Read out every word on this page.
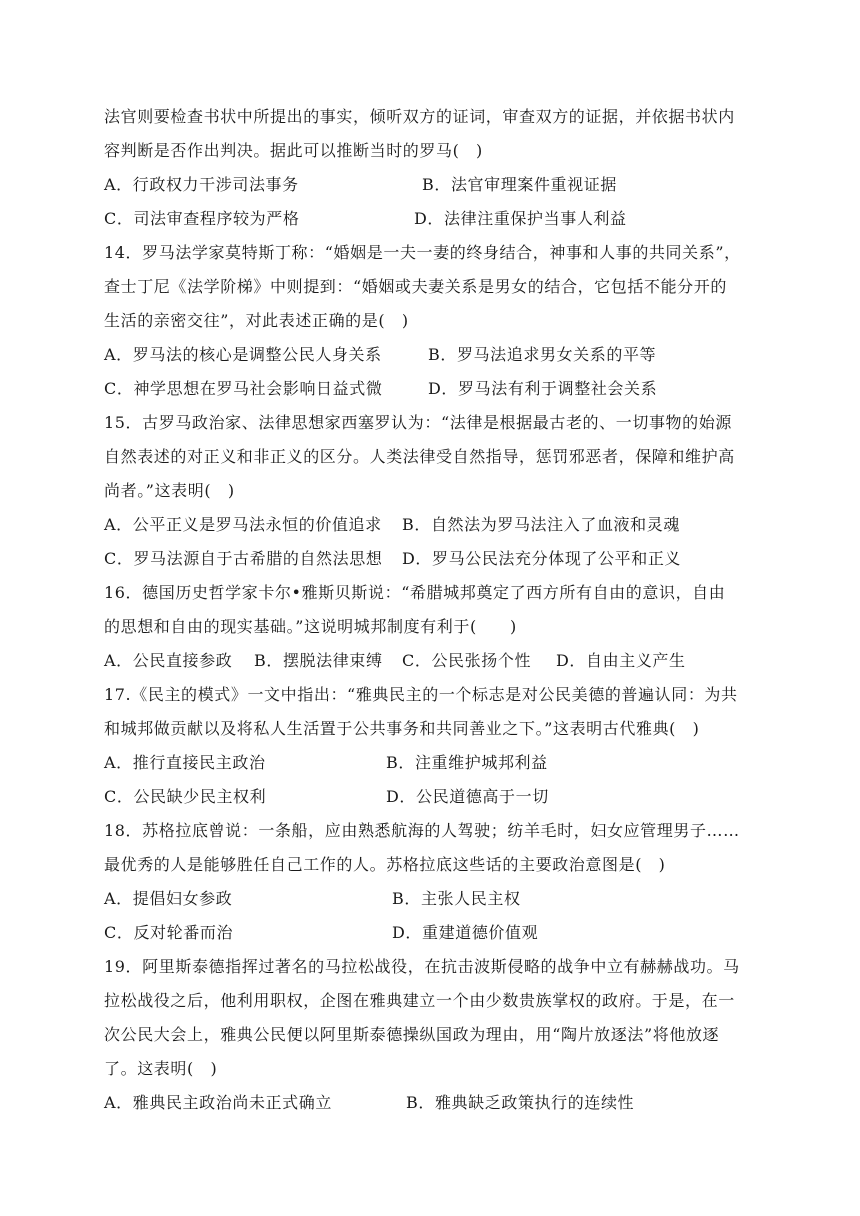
法官则要检查书状中所提出的事实，倾听双方的证词，审查双方的证据，并依据书状内
容判断是否作出判决。据此可以推断当时的罗马(　)
A．行政权力干涉司法事务	B．法官审理案件重视证据
C．司法审查程序较为严格	D．法律注重保护当事人利益
14．罗马法学家莫特斯丁称：“婚姻是一夫一妻的终身结合，神事和人事的共同关系”，
查士丁尼《法学阶梯》中则提到：“婚姻或夫妻关系是男女的结合，它包括不能分开的
生活的亲密交往”，对此表述正确的是(　)
A．罗马法的核心是调整公民人身关系	B．罗马法追求男女关系的平等
C．神学思想在罗马社会影响日益式微	D．罗马法有利于调整社会关系
15．古罗马政治家、法律思想家西塞罗认为：“法律是根据最古老的、一切事物的始源
自然表述的对正义和非正义的区分。人类法律受自然指导，惩罚邪恶者，保障和维护高
尚者。”这表明(　)
A．公平正义是罗马法永恒的价值追求 B．自然法为罗马法注入了血液和灵魂
C．罗马法源自于古希腊的自然法思想 D．罗马公民法充分体现了公平和正义
16．德国历史哲学家卡尔•雅斯贝斯说：“希腊城邦奠定了西方所有自由的意识，自由
的思想和自由的现实基础。”这说明城邦制度有利于(　　)
A．公民直接参政 B．摆脱法律束缚 C．公民张扬个性 D．自由主义产生
17.《民主的模式》一文中指出：“雅典民主的一个标志是对公民美德的普遍认同：为共
和城邦做贡献以及将私人生活置于公共事务和共同善业之下。”这表明古代雅典(　)
A．推行直接民主政治	B．注重维护城邦利益
C．公民缺少民主权利	D．公民道德高于一切
18．苏格拉底曾说：一条船，应由熟悉航海的人驾驶；纺羊毛时，妇女应管理男子……
最优秀的人是能够胜任自己工作的人。苏格拉底这些话的主要政治意图是(　)
A．提倡妇女参政	B．主张人民主权
C．反对轮番而治	D．重建道德价值观
19．阿里斯泰德指挥过著名的马拉松战役，在抗击波斯侵略的战争中立有赫赫战功。马
拉松战役之后，他利用职权，企图在雅典建立一个由少数贵族掌权的政府。于是，在一
次公民大会上，雅典公民便以阿里斯泰德操纵国政为理由，用“陶片放逐法”将他放逐
了。这表明(　)
A．雅典民主政治尚未正式确立	B．雅典缺乏政策执行的连续性
